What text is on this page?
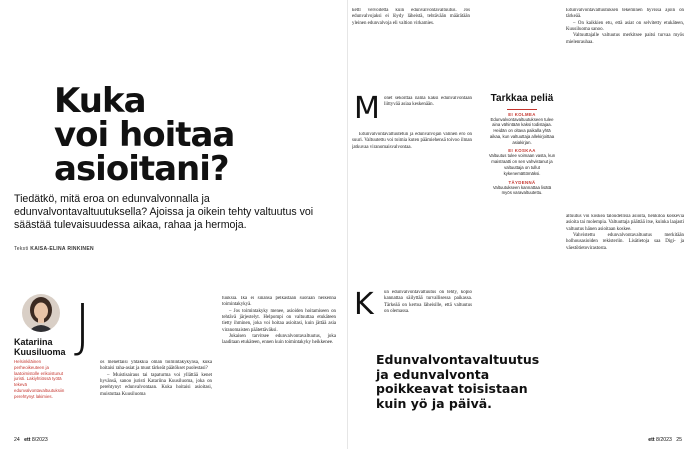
Kuka
voi hoitaa
asioitani?

Tiedätkö, mitä eroa on edunvalvonnalla ja edunvalvontavaltuutuksella? Ajoissa ja oikein tehty valtuutus voi säästää tulevaisuudessa aikaa, rahaa ja hermoja.

Teksti KAISA-ELINA RINKINEN
Katariina Kuusiluoma
Helsinkiläinen perheoikeuteen ja laatoimistolle erikoistunut juristi. Lakiyhtiössä työtä tekevä edunvalvontavaltuutuksiin perehtynyt lakimies.
J

os menettäisi yhtäkkiä oman toimintakykynsä, kuka hoitaisi raha-asiat ja muut tärkeät päätökset puolestasi?

– Muistisairaus tai tapaturma voi yllättää kenet hyvänsä, sanoo juristi Katariina Kuusiluoma, joka on perehtynyt edunvalvontaan. Kuka hoitaisi asioitasi, muistuttaa Kuusiluoma

tuuksia. Ikä ei sinänsä pelkästään suoraan heikennä toimintakykyä.

– Jos toimintakyky menee, asioiden hoitamiseen on tehtävä järjestelyt. Helpompi on valtuuttaa etukäteen tietty ihminen, joka voi hoitaa asioitasi, kuin jättää asia viranomaisten päätettäväksi.

Jokaisen tarvitsee edunvalvontavaltuutus, joka laaditaan etukäteen, ennen kuin toimintakyky heikkenee.

24 ett 8/2023

kettl velvoitetta kuin edunvalvontavaltuutus. Jos edunvalvojaksi ei löydy läheistä, tehtävään määrätään yleinen edunvalvoja eli valtion virkamies.

M onet sekoittaa nämä kaksi edunvalvontaan liittyvää asiaa keskenään.

Edunvalvontavaltuutetun ja edunvalvojan välinen ero on suuri. Valtuutettu voi toimia kuten päämiehensä toivoo ilman jatkuvaa viranomaisvalvontaa.

K un edunvalvontavaltuutus on tehty, kopio kannattaa säilyttää turvallisessa paikassa. Tärkeää on kertoa läheisille, että valtuutus on olemassa.

Tarkkaa peliä

EI KOLMEA

Edunvalvontavaltuutukseen tulee aina vähintään kaksi todistajaa. Heidän on oltava paikalla yhtä aikaa, kun valtuuttaja allekirjoittaa asiakirjan.

EI KOSKAA

Valtuutus tulee voimaan vasta, kun maistraatti on sen vahvistanut ja valtuuttaja on tullut kykenemättömäksi.

TÄYDENNÄ

Valtuutukseen kannattaa lisätä myös varavaltuutettu.

Edunvalvontavaltuutus ja edunvalvonta poikkeavat toisistaan kuin yö ja päivä.

Edunvalvontavaltuutuksen tekeminen hyvissä ajoin on tärkeää.

– On kaikkien etu, että asiat on selvitetty etukäteen, Kuusiluoma sanoo.

Valtuuttajalle valtuutus merkitsee paitsi turvaa myös mielenrauhaa.

altuutus voi koskea taloudellisia asioita, henkilöä koskevia asioita tai molempia. Valtuuttaja päättää itse, kuinka laajasti valtuutus hänen asioitaan koskee.

Vahvistettu edunvalvontavaltuutus merkitään holhousasioiden rekisteriin. Lisätietoja saa Digi- ja väestötietovirastosta.

ett 8/2023 25
